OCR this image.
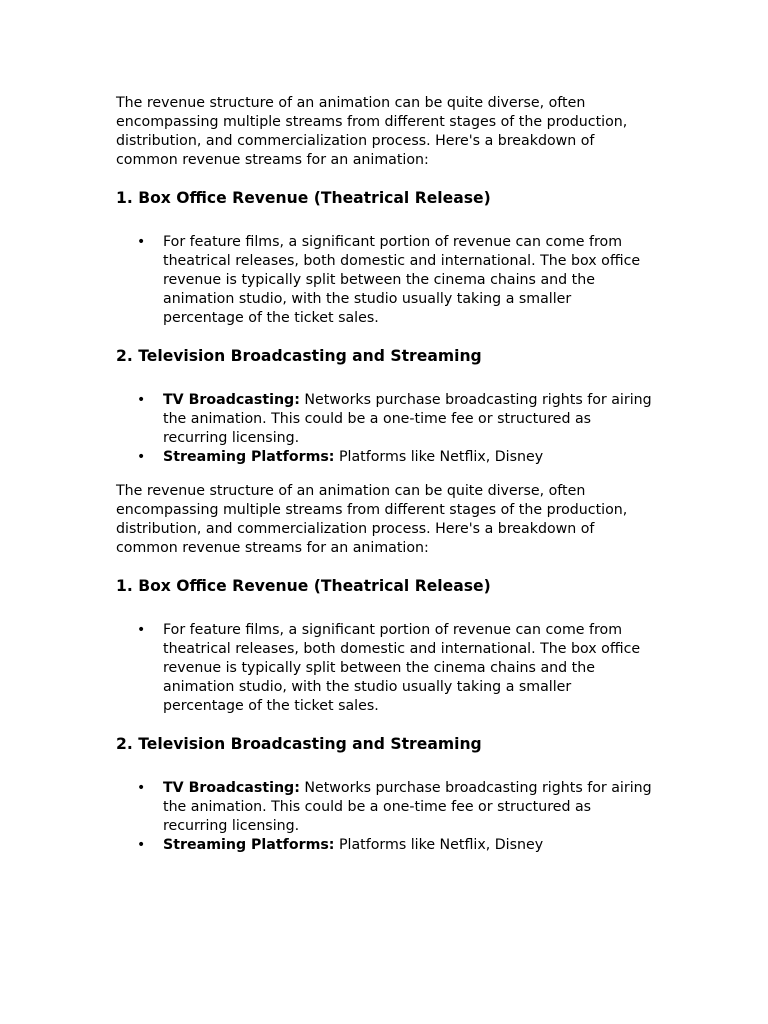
The revenue structure of an animation can be quite diverse, often encompassing multiple streams from different stages of the production, distribution, and commercialization process. Here's a breakdown of common revenue streams for an animation:

1. Box Office Revenue (Theatrical Release)
• For feature films, a significant portion of revenue can come from theatrical releases, both domestic and international. The box office revenue is typically split between the cinema chains and the animation studio, with the studio usually taking a smaller percentage of the ticket sales.
2. Television Broadcasting and Streaming
• TV Broadcasting: Networks purchase broadcasting rights for airing the animation. This could be a one-time fee or structured as recurring licensing.
• Streaming Platforms: Platforms like Netflix, Disney

The revenue structure of an animation can be quite diverse, often encompassing multiple streams from different stages of the production, distribution, and commercialization process. Here's a breakdown of common revenue streams for an animation:

1. Box Office Revenue (Theatrical Release)
• For feature films, a significant portion of revenue can come from theatrical releases, both domestic and international. The box office revenue is typically split between the cinema chains and the animation studio, with the studio usually taking a smaller percentage of the ticket sales.
2. Television Broadcasting and Streaming
• TV Broadcasting: Networks purchase broadcasting rights for airing the animation. This could be a one-time fee or structured as recurring licensing.
• Streaming Platforms: Platforms like Netflix, Disney
